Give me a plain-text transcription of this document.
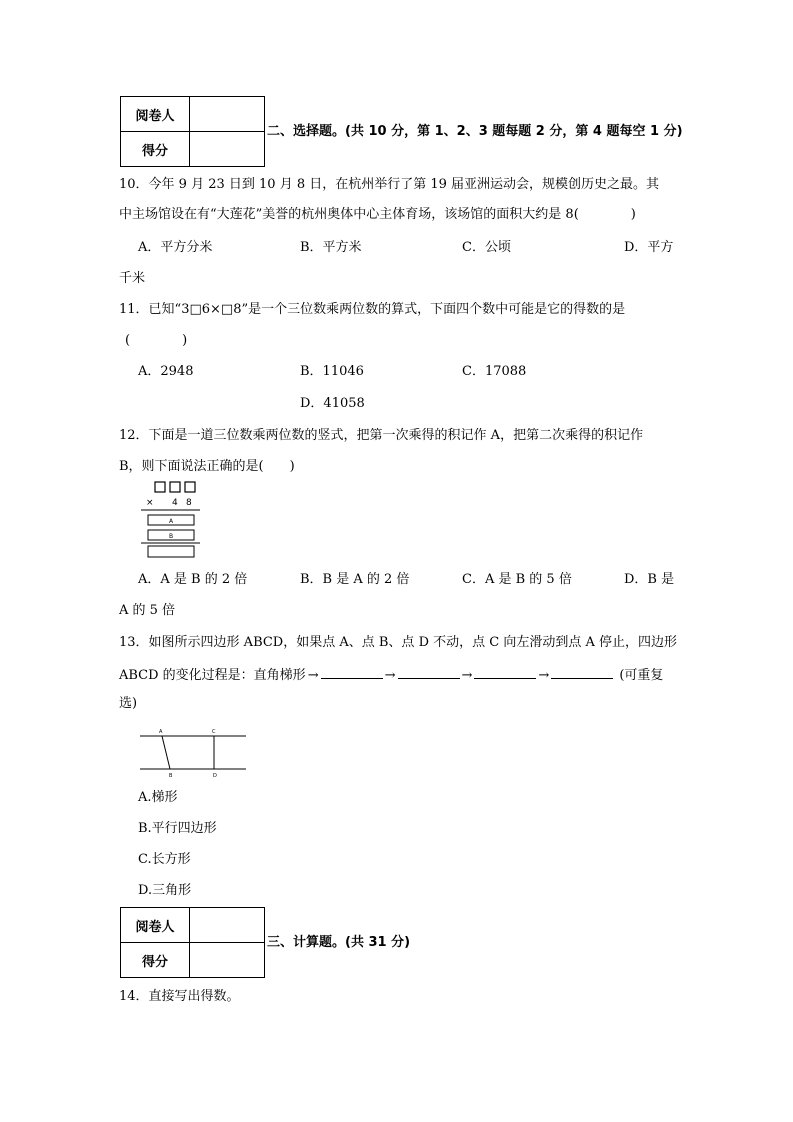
阅卷人	
得分	
二、选择题。(共 10 分，第 1、2、3 题每题 2 分，第 4 题每空 1 分)
10．今年 9 月 23 日到 10 月 8 日，在杭州举行了第 19 届亚洲运动会，规模创历史之最。其
中主场馆设在有“大莲花”美誉的杭州奥体中心主体育场，该场馆的面积大约是 8(　　　　)
A．平方分米	B．平方米	C．公顷	D．平方
千米
11．已知“3□6×□8”是一个三位数乘两位数的算式，下面四个数中可能是它的得数的是
(　　　　)
A．2948	B．11046	C．17088
D．41058
12．下面是一道三位数乘两位数的竖式，把第一次乘得的积记作 A，把第二次乘得的积记作
B，则下面说法正确的是(　　)
× 4 8
A
B
A．A 是 B 的 2 倍	B．B 是 A 的 2 倍	C．A 是 B 的 5 倍	D．B 是
A 的 5 倍
13．如图所示四边形 ABCD，如果点 A、点 B、点 D 不动，点 C 向左滑动到点 A 停止，四边形
ABCD 的变化过程是：直角梯形 →	→	→	→	(可重复
选)
A
B
C
D
A.梯形
B.平行四边形
C.长方形
D.三角形
阅卷人	
得分	
三、计算题。(共 31 分)
14．直接写出得数。
